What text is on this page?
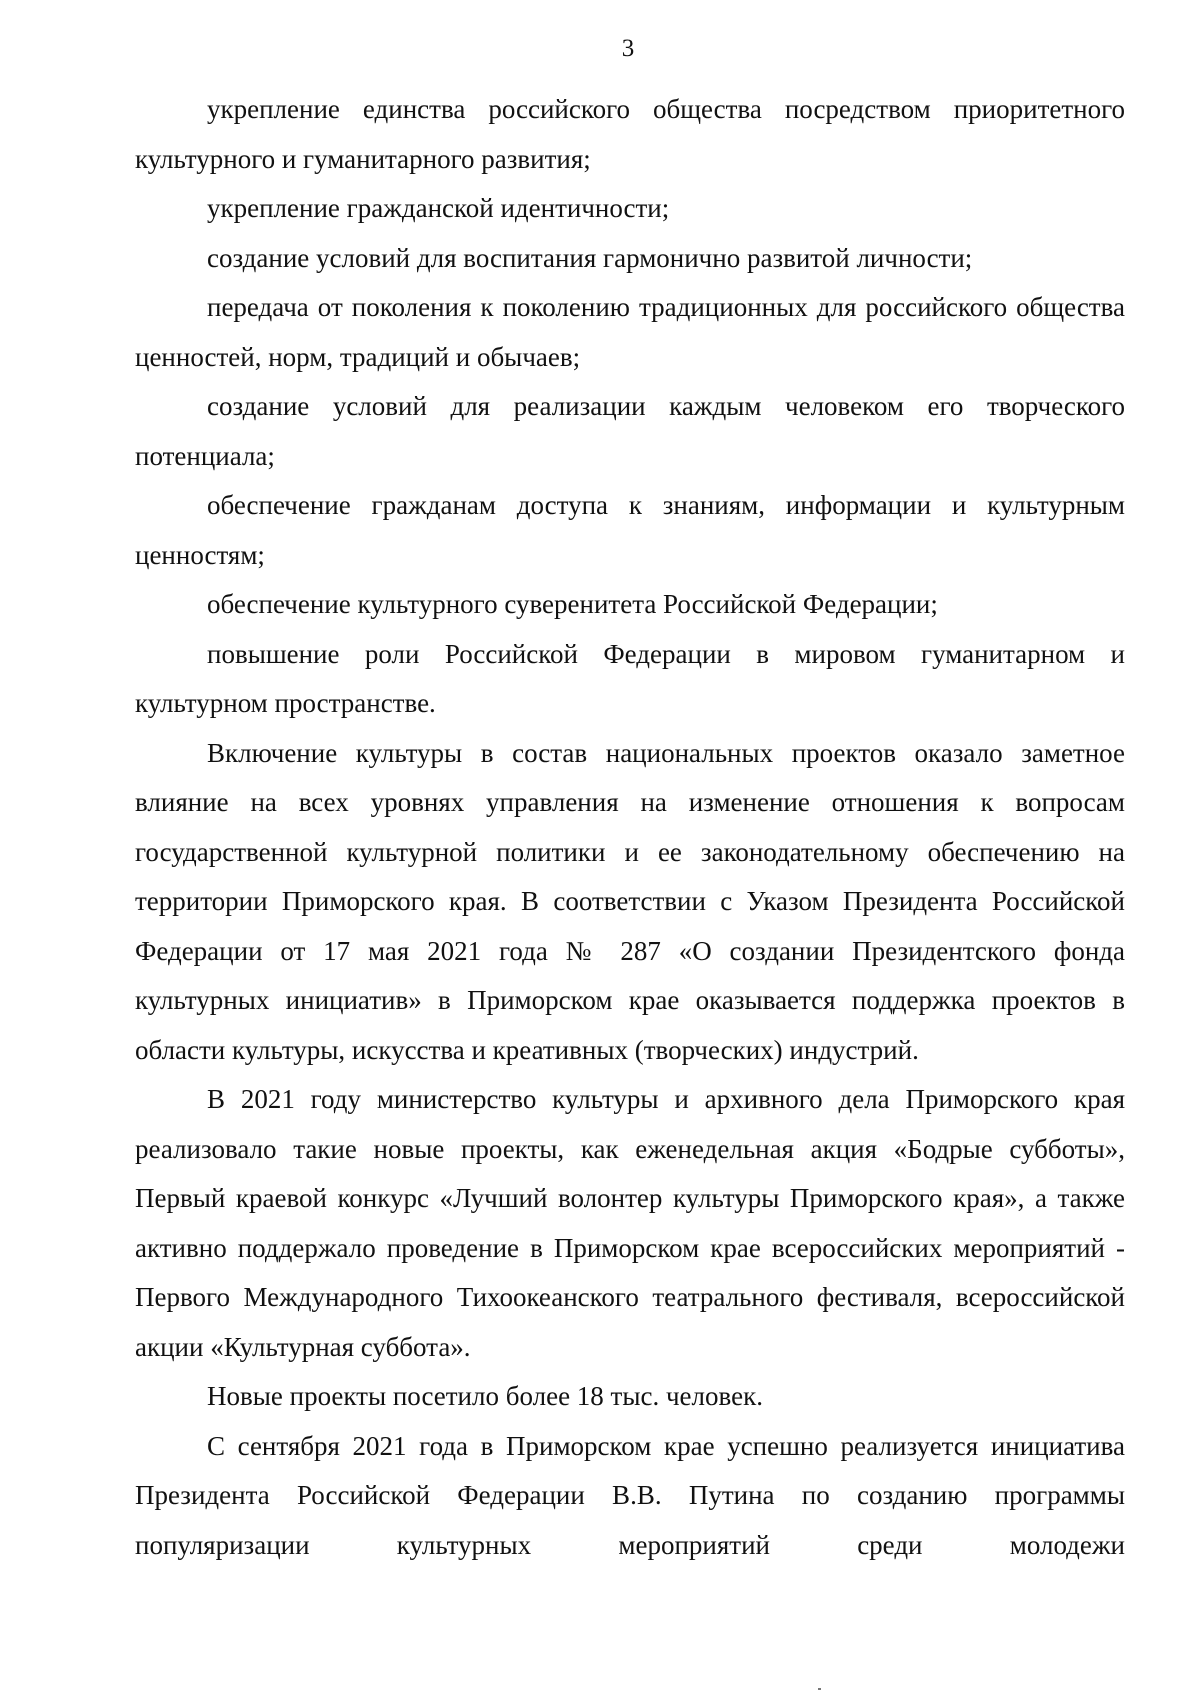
3

укрепление единства российского общества посредством приоритетного культурного и гуманитарного развития;

укрепление гражданской идентичности;

создание условий для воспитания гармонично развитой личности;

передача от поколения к поколению традиционных для российского общества ценностей, норм, традиций и обычаев;

создание условий для реализации каждым человеком его творческого потенциала;

обеспечение гражданам доступа к знаниям, информации и культурным ценностям;

обеспечение культурного суверенитета Российской Федерации;

повышение роли Российской Федерации в мировом гуманитарном и культурном пространстве.

Включение культуры в состав национальных проектов оказало заметное влияние на всех уровнях управления на изменение отношения к вопросам государственной культурной политики и ее законодательному обеспечению на территории Приморского края. В соответствии с Указом Президента Российской Федерации от 17 мая 2021 года № 287 «О создании Президентского фонда культурных инициатив» в Приморском крае оказывается поддержка проектов в области культуры, искусства и креативных (творческих) индустрий.

В 2021 году министерство культуры и архивного дела Приморского края реализовало такие новые проекты, как еженедельная акция «Бодрые субботы», Первый краевой конкурс «Лучший волонтер культуры Приморского края», а также активно поддержало проведение в Приморском крае всероссийских мероприятий - Первого Международного Тихоокеанского театрального фестиваля, всероссийской акции «Культурная суббота».

Новые проекты посетило более 18 тыс. человек.

С сентября 2021 года в Приморском крае успешно реализуется инициатива Президента Российской Федерации В.В. Путина по созданию программы популяризации культурных мероприятий среди молодежи
